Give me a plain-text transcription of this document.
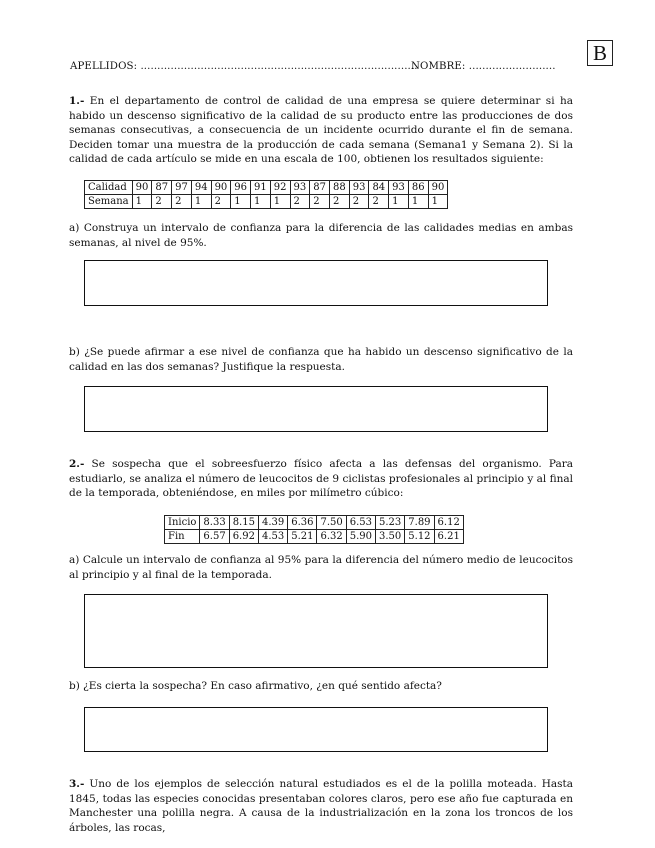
B
APELLIDOS: ...................................................................................
NOMBRE: ..........................
1.- En el departamento de control de calidad de una empresa se quiere determinar si ha habido un descenso significativo de la calidad de su producto entre las producciones de dos semanas consecutivas, a consecuencia de un incidente ocurrido durante el fin de semana. Deciden tomar una muestra de la producción de cada semana (Semana1 y Semana 2). Si la calidad de cada artículo se mide en una escala de 100, obtienen los resultados siguiente:
Calidad	90	87	97	94	90	96	91	92	93	87	88	93	84	93	86	90
Semana	1	2	2	1	2	1	1	1	2	2	2	2	2	1	1	1
a) Construya un intervalo de confianza para la diferencia de las calidades medias en ambas semanas, al nivel de 95%.
b) ¿Se puede afirmar a ese nivel de confianza que ha habido un descenso significativo de la calidad en las dos semanas? Justifique la respuesta.
2.- Se sospecha que el sobreesfuerzo físico afecta a las defensas del organismo. Para estudiarlo, se analiza el número de leucocitos de 9 ciclistas profesionales al principio y al final de la temporada, obteniéndose, en miles por milímetro cúbico:
Inicio	8.33	8.15	4.39	6.36	7.50	6.53	5.23	7.89	6.12
Fin	6.57	6.92	4.53	5.21	6.32	5.90	3.50	5.12	6.21
a) Calcule un intervalo de confianza al 95% para la diferencia del número medio de leucocitos al principio y al final de la temporada.
b) ¿Es cierta la sospecha? En caso afirmativo, ¿en qué sentido afecta?
3.- Uno de los ejemplos de selección natural estudiados es el de la polilla moteada. Hasta 1845, todas las especies conocidas presentaban colores claros, pero ese año fue capturada en Manchester una polilla negra. A causa de la industrialización en la zona los troncos de los árboles, las rocas,
